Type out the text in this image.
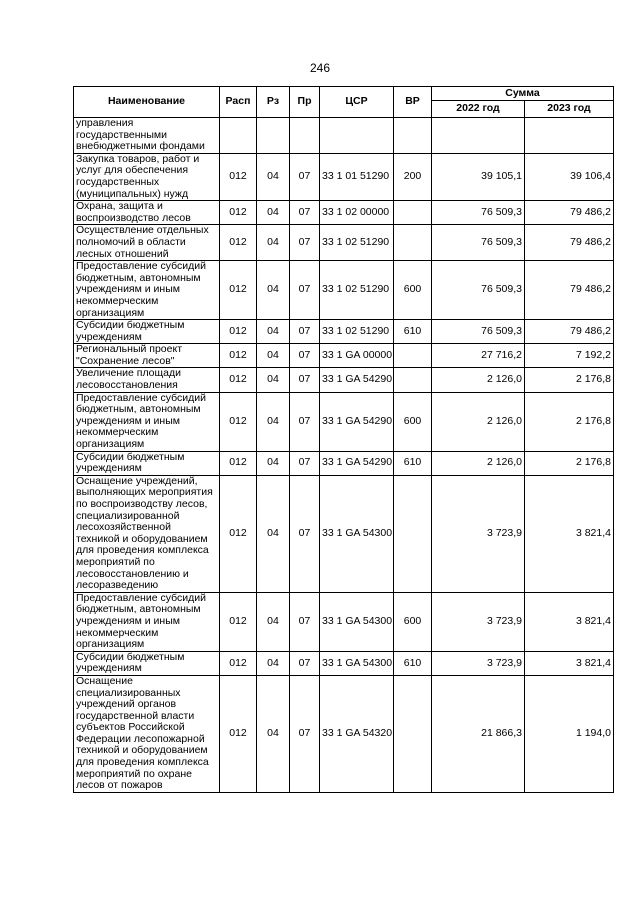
246
Наименование	Расп	Рз	Пр	ЦСР	ВР	Сумма	
						2022 год	2023 год
управления государственными внебюджетными фондами							
Закупка товаров, работ и услуг для обеспечения государственных (муниципальных) нужд	012	04	07	33 1 01 51290	200	39 105,1	39 106,4
Охрана, защита и воспроизводство лесов	012	04	07	33 1 02 00000		76 509,3	79 486,2
Осуществление отдельных полномочий в области лесных отношений	012	04	07	33 1 02 51290		76 509,3	79 486,2
Предоставление субсидий бюджетным, автономным учреждениям и иным некоммерческим организациям	012	04	07	33 1 02 51290	600	76 509,3	79 486,2
Субсидии бюджетным учреждениям	012	04	07	33 1 02 51290	610	76 509,3	79 486,2
Региональный проект "Сохранение лесов"	012	04	07	33 1 GA 00000		27 716,2	7 192,2
Увеличение площади лесовосстановления	012	04	07	33 1 GA 54290		2 126,0	2 176,8
Предоставление субсидий бюджетным, автономным учреждениям и иным некоммерческим организациям	012	04	07	33 1 GA 54290	600	2 126,0	2 176,8
Субсидии бюджетным учреждениям	012	04	07	33 1 GA 54290	610	2 126,0	2 176,8
Оснащение учреждений, выполняющих мероприятия по воспроизводству лесов, специализированной лесохозяйственной техникой и оборудованием для проведения комплекса мероприятий по лесовосстановлению и лесоразведению	012	04	07	33 1 GA 54300		3 723,9	3 821,4
Предоставление субсидий бюджетным, автономным учреждениям и иным некоммерческим организациям	012	04	07	33 1 GA 54300	600	3 723,9	3 821,4
Субсидии бюджетным учреждениям	012	04	07	33 1 GA 54300	610	3 723,9	3 821,4
Оснащение специализированных учреждений органов государственной власти субъектов Российской Федерации лесопожарной техникой и оборудованием для проведения комплекса мероприятий по охране лесов от пожаров	012	04	07	33 1 GA 54320		21 866,3	1 194,0
